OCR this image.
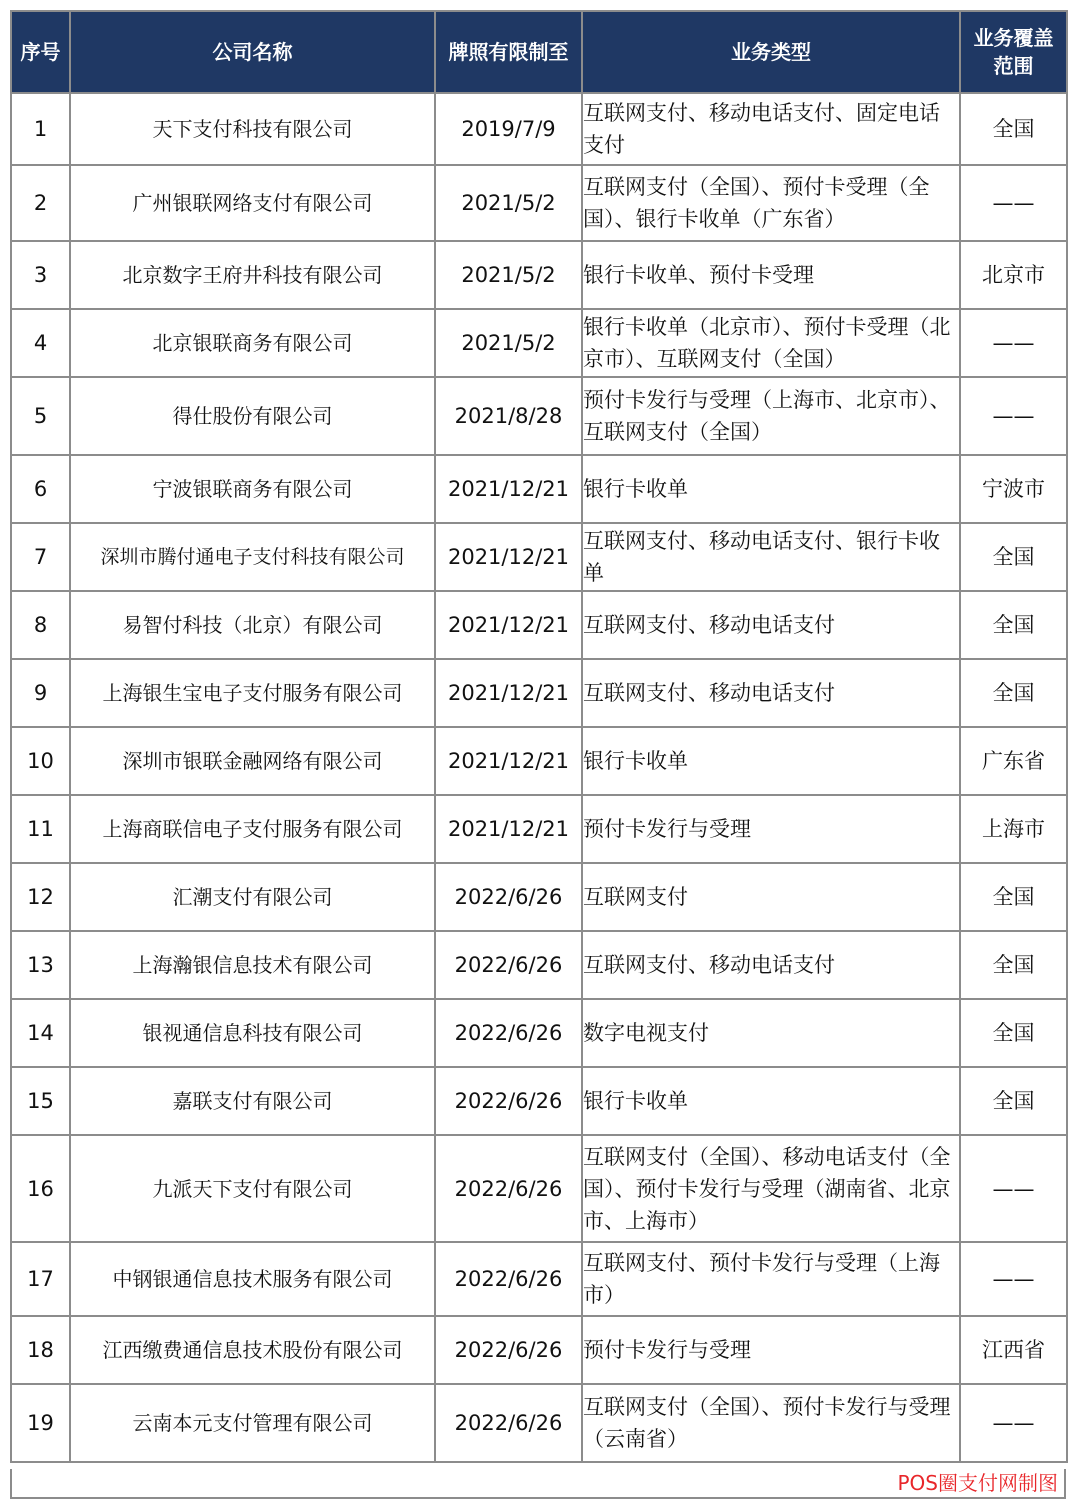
序号	公司名称	牌照有限制至	业务类型	业务覆盖范围
1	天下支付科技有限公司	2019/7/9	互联网支付、移动电话支付、固定电话支付	全国
2	广州银联网络支付有限公司	2021/5/2	互联网支付（全国）、预付卡受理（全国）、银行卡收单（广东省）	——
3	北京数字王府井科技有限公司	2021/5/2	银行卡收单、预付卡受理	北京市
4	北京银联商务有限公司	2021/5/2	银行卡收单（北京市）、预付卡受理（北京市）、互联网支付（全国）	——
5	得仕股份有限公司	2021/8/28	预付卡发行与受理（上海市、北京市）、互联网支付（全国）	——
6	宁波银联商务有限公司	2021/12/21	银行卡收单	宁波市
7	深圳市腾付通电子支付科技有限公司	2021/12/21	互联网支付、移动电话支付、银行卡收单	全国
8	易智付科技（北京）有限公司	2021/12/21	互联网支付、移动电话支付	全国
9	上海银生宝电子支付服务有限公司	2021/12/21	互联网支付、移动电话支付	全国
10	深圳市银联金融网络有限公司	2021/12/21	银行卡收单	广东省
11	上海商联信电子支付服务有限公司	2021/12/21	预付卡发行与受理	上海市
12	汇潮支付有限公司	2022/6/26	互联网支付	全国
13	上海瀚银信息技术有限公司	2022/6/26	互联网支付、移动电话支付	全国
14	银视通信息科技有限公司	2022/6/26	数字电视支付	全国
15	嘉联支付有限公司	2022/6/26	银行卡收单	全国
16	九派天下支付有限公司	2022/6/26	互联网支付（全国）、移动电话支付（全国）、预付卡发行与受理（湖南省、北京市、上海市）	——
17	中钢银通信息技术服务有限公司	2022/6/26	互联网支付、预付卡发行与受理（上海市）	——
18	江西缴费通信息技术股份有限公司	2022/6/26	预付卡发行与受理	江西省
19	云南本元支付管理有限公司	2022/6/26	互联网支付（全国）、预付卡发行与受理 （云南省）	——
POS圈支付网制图
